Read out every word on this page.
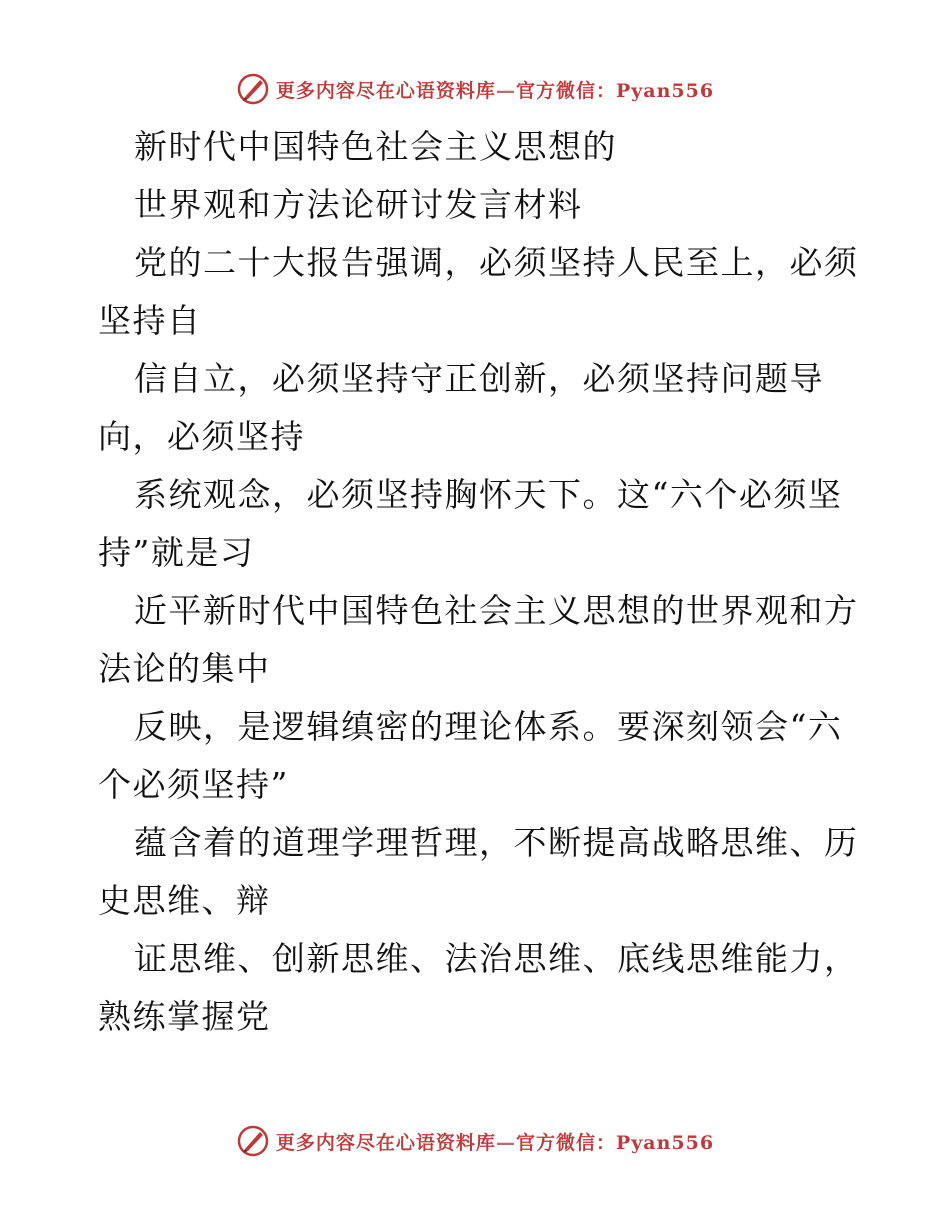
更多内容尽在心语资料库—官方微信：Pyan556
新时代中国特色社会主义思想的
世界观和方法论研讨发言材料
党的二十大报告强调，必须坚持人民至上，必须
坚持自
信自立，必须坚持守正创新，必须坚持问题导
向，必须坚持
系统观念，必须坚持胸怀天下。这“六个必须坚
持”就是习
近平新时代中国特色社会主义思想的世界观和方
法论的集中
反映，是逻辑缜密的理论体系。要深刻领会“六
个必须坚持”
蕴含着的道理学理哲理，不断提高战略思维、历
史思维、辩
证思维、创新思维、法治思维、底线思维能力，
熟练掌握党
更多内容尽在心语资料库—官方微信：Pyan556
